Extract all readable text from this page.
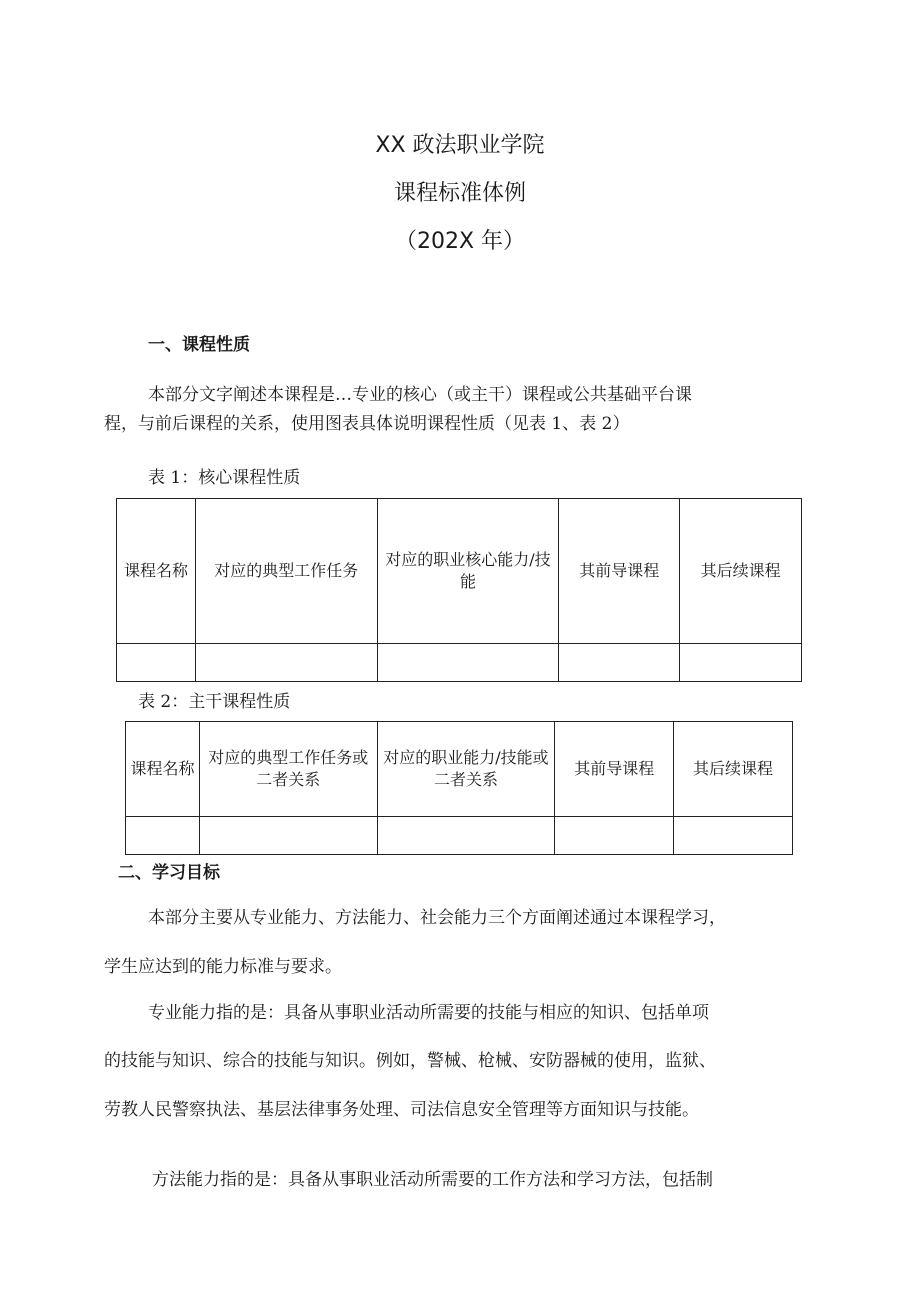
XX 政法职业学院
课程标准体例
（202X 年）
一、课程性质
本部分文字阐述本课程是…专业的核心（或主干）课程或公共基础平台课
程，与前后课程的关系，使用图表具体说明课程性质（见表 1、表 2）
表 1：核心课程性质
课程名称	对应的典型工作任务	对应的职业核心能力/技能	其前导课程	其后续课程

表 2：主干课程性质
课程名称	对应的典型工作任务或二者关系	对应的职业能力/技能或二者关系	其前导课程	其后续课程

二、学习目标
本部分主要从专业能力、方法能力、社会能力三个方面阐述通过本课程学习，
学生应达到的能力标准与要求。
专业能力指的是：具备从事职业活动所需要的技能与相应的知识、包括单项
的技能与知识、综合的技能与知识。例如，警械、枪械、安防器械的使用，监狱、
劳教人民警察执法、基层法律事务处理、司法信息安全管理等方面知识与技能。
方法能力指的是：具备从事职业活动所需要的工作方法和学习方法，包括制
